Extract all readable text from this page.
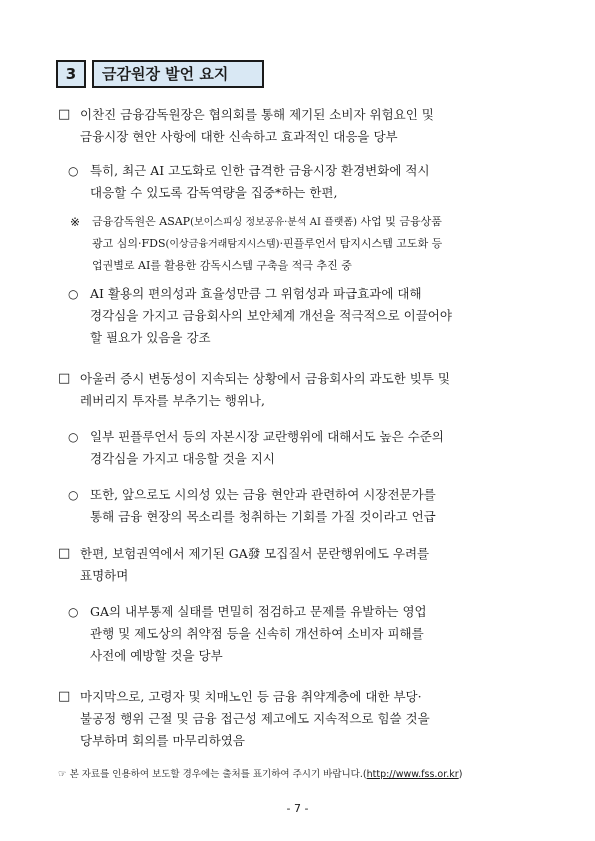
3	금감원장 발언 요지
□ 이찬진 금융감독원장은 협의회를 통해 제기된 소비자 위험요인 및
금융시장 현안 사항에 대한 신속하고 효과적인 대응을 당부
○ 특히, 최근 AI 고도화로 인한 급격한 금융시장 환경변화에 적시
대응할 수 있도록 감독역량을 집중*하는 한편,
※ 금융감독원은 ASAP(보이스피싱 정보공유·분석 AI 플랫폼) 사업 및 금융상품
광고 심의·FDS(이상금융거래탐지시스템)·핀플루언서 탐지시스템 고도화 등
업권별로 AI를 활용한 감독시스템 구축을 적극 추진 중
○ AI 활용의 편의성과 효율성만큼 그 위험성과 파급효과에 대해
경각심을 가지고 금융회사의 보안체계 개선을 적극적으로 이끌어야
할 필요가 있음을 강조
□ 아울러 증시 변동성이 지속되는 상황에서 금융회사의 과도한 빚투 및
레버리지 투자를 부추기는 행위나,
○ 일부 핀플루언서 등의 자본시장 교란행위에 대해서도 높은 수준의
경각심을 가지고 대응할 것을 지시
○ 또한, 앞으로도 시의성 있는 금융 현안과 관련하여 시장전문가를
통해 금융 현장의 목소리를 청취하는 기회를 가질 것이라고 언급
□ 한편, 보험권역에서 제기된 GA發 모집질서 문란행위에도 우려를
표명하며
○ GA의 내부통제 실태를 면밀히 점검하고 문제를 유발하는 영업
관행 및 제도상의 취약점 등을 신속히 개선하여 소비자 피해를
사전에 예방할 것을 당부
□ 마지막으로, 고령자 및 치매노인 등 금융 취약계층에 대한 부당·
불공정 행위 근절 및 금융 접근성 제고에도 지속적으로 힘쓸 것을
당부하며 회의를 마무리하였음
☞ 본 자료를 인용하여 보도할 경우에는 출처를 표기하여 주시기 바랍니다.(http://www.fss.or.kr)
- 7 -
